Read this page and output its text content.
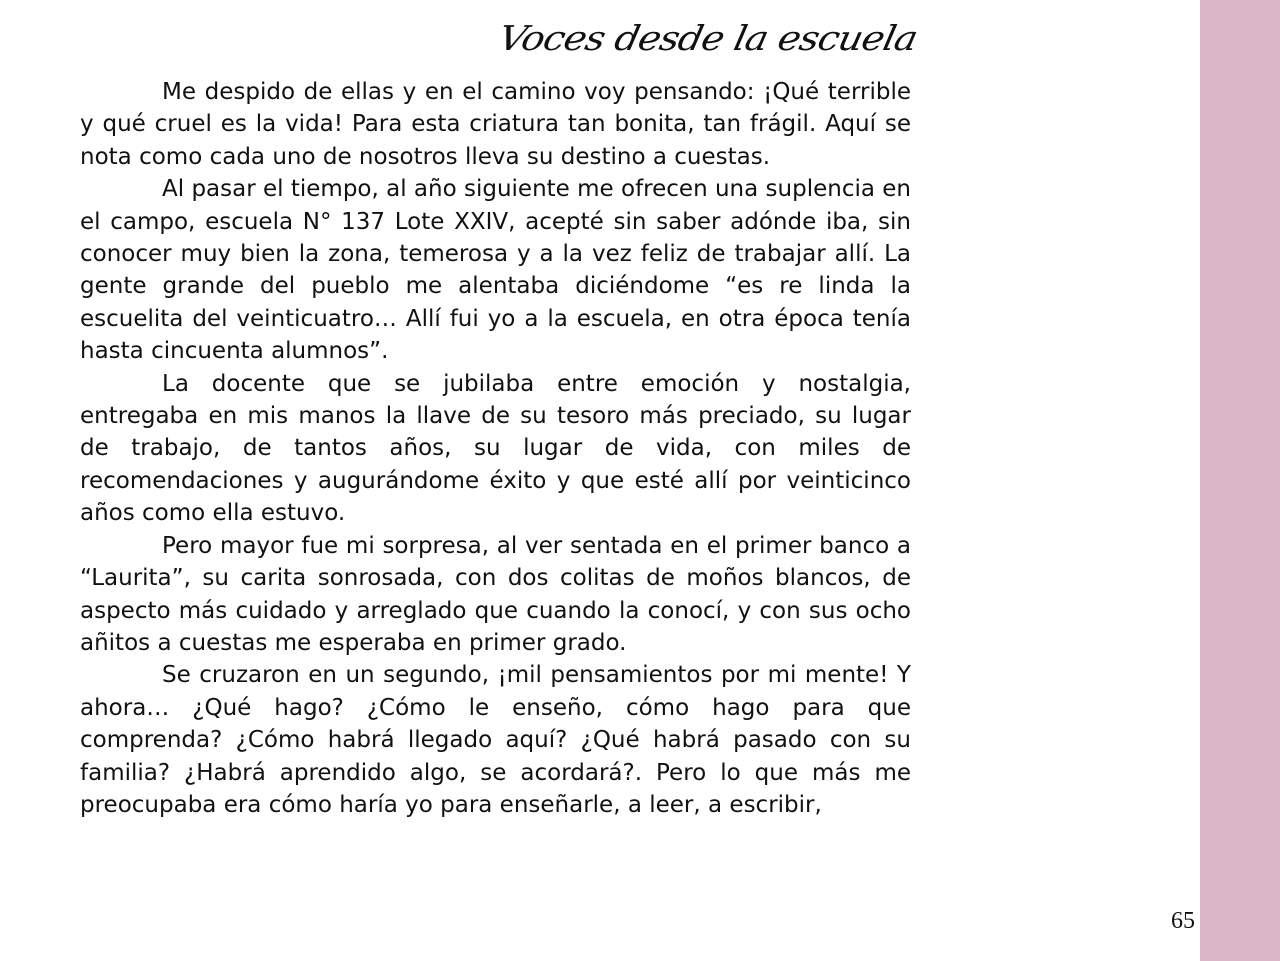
Voces desde la escuela

Me despido de ellas y en el camino voy pensando: ¡Qué terrible y qué cruel es la vida! Para esta criatura tan bonita, tan frágil. Aquí se nota como cada uno de nosotros lleva su destino a cuestas.

Al pasar el tiempo, al año siguiente me ofrecen una suplencia en el campo, escuela N° 137 Lote XXIV, acepté sin saber adónde iba, sin conocer muy bien la zona, temerosa y a la vez feliz de trabajar allí. La gente grande del pueblo me alentaba diciéndome “es re linda la escuelita del veinticuatro… Allí fui yo a la escuela, en otra época tenía hasta cincuenta alumnos”.

La docente que se jubilaba entre emoción y nostalgia, entregaba en mis manos la llave de su tesoro más preciado, su lugar de trabajo, de tantos años, su lugar de vida, con miles de recomendaciones y augurándome éxito y que esté allí por veinticinco años como ella estuvo.

Pero mayor fue mi sorpresa, al ver sentada en el primer banco a “Laurita”, su carita sonrosada, con dos colitas de moños blancos, de aspecto más cuidado y arreglado que cuando la conocí, y con sus ocho añitos a cuestas me esperaba en primer grado.

Se cruzaron en un segundo, ¡mil pensamientos por mi mente! Y ahora… ¿Qué hago? ¿Cómo le enseño, cómo hago para que comprenda? ¿Cómo habrá llegado aquí? ¿Qué habrá pasado con su familia? ¿Habrá aprendido algo, se acordará?. Pero lo que más me preocupaba era cómo haría yo para enseñarle, a leer, a escribir,

65
